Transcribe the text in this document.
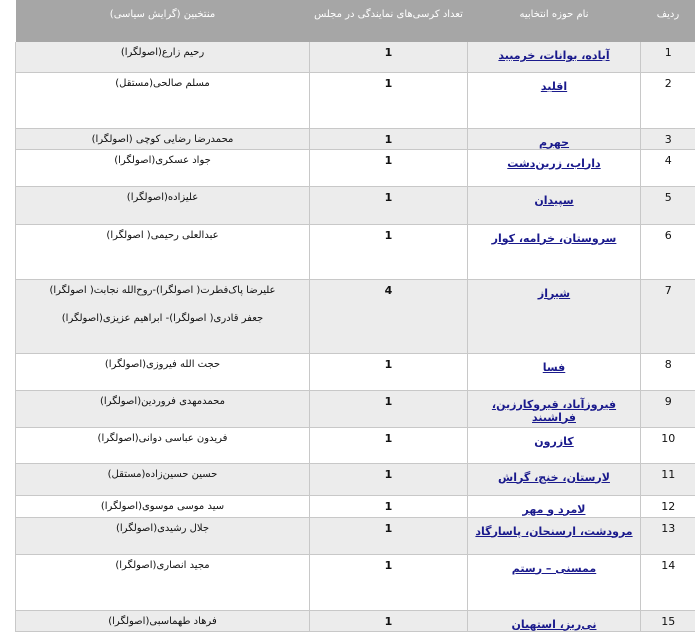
ردیف	نام حوزه انتخابیه	تعداد کرسی‌های نمایندگی در مجلس	منتخبین (گرایش سیاسی)
1	آباده، بوانات، خرمبید	1	رحیم زارع(اصولگرا)
2	اقلید	1	مسلم صالحی(مستقل)
3	جهرم	1	محمدرضا رضایی کوچی (اصولگرا)
4	داراب، زرین‌دشت	1	جواد عسکری(اصولگرا)
5	سپیدان	1	علیزاده(اصولگرا)
6	سروستان، خرامه، کوار	1	عبدالعلی رحیمی( اصولگرا)
7	شیراز	4	علیرضا پاک‌فطرت( اصولگرا)-روح‌الله نجابت( اصولگرا)
جعفر قادری( اصولگرا)- ابراهیم عزیزی(اصولگرا)

8	فسا	1	حجت الله فیروزی(اصولگرا)
9	فیروزآباد، قیروکارزین، فراشبند	1	محمدمهدی فروردین(اصولگرا)
10	کازرون	1	فریدون عباسی دوانی(اصولگرا)
11	لارستان، خنج، گراش	1	حسین حسین‌زاده(مستقل)
12	لامرد و مهر	1	سید موسی موسوی(اصولگرا)
13	مرودشت، ارسنجان، پاسارگاد	1	جلال رشیدی(اصولگرا)
14	ممسنی – رستم	1	مجید انصاری(اصولگرا)
15	نی‌ریز، استهبان	1	فرهاد طهماسبی(اصولگرا)
